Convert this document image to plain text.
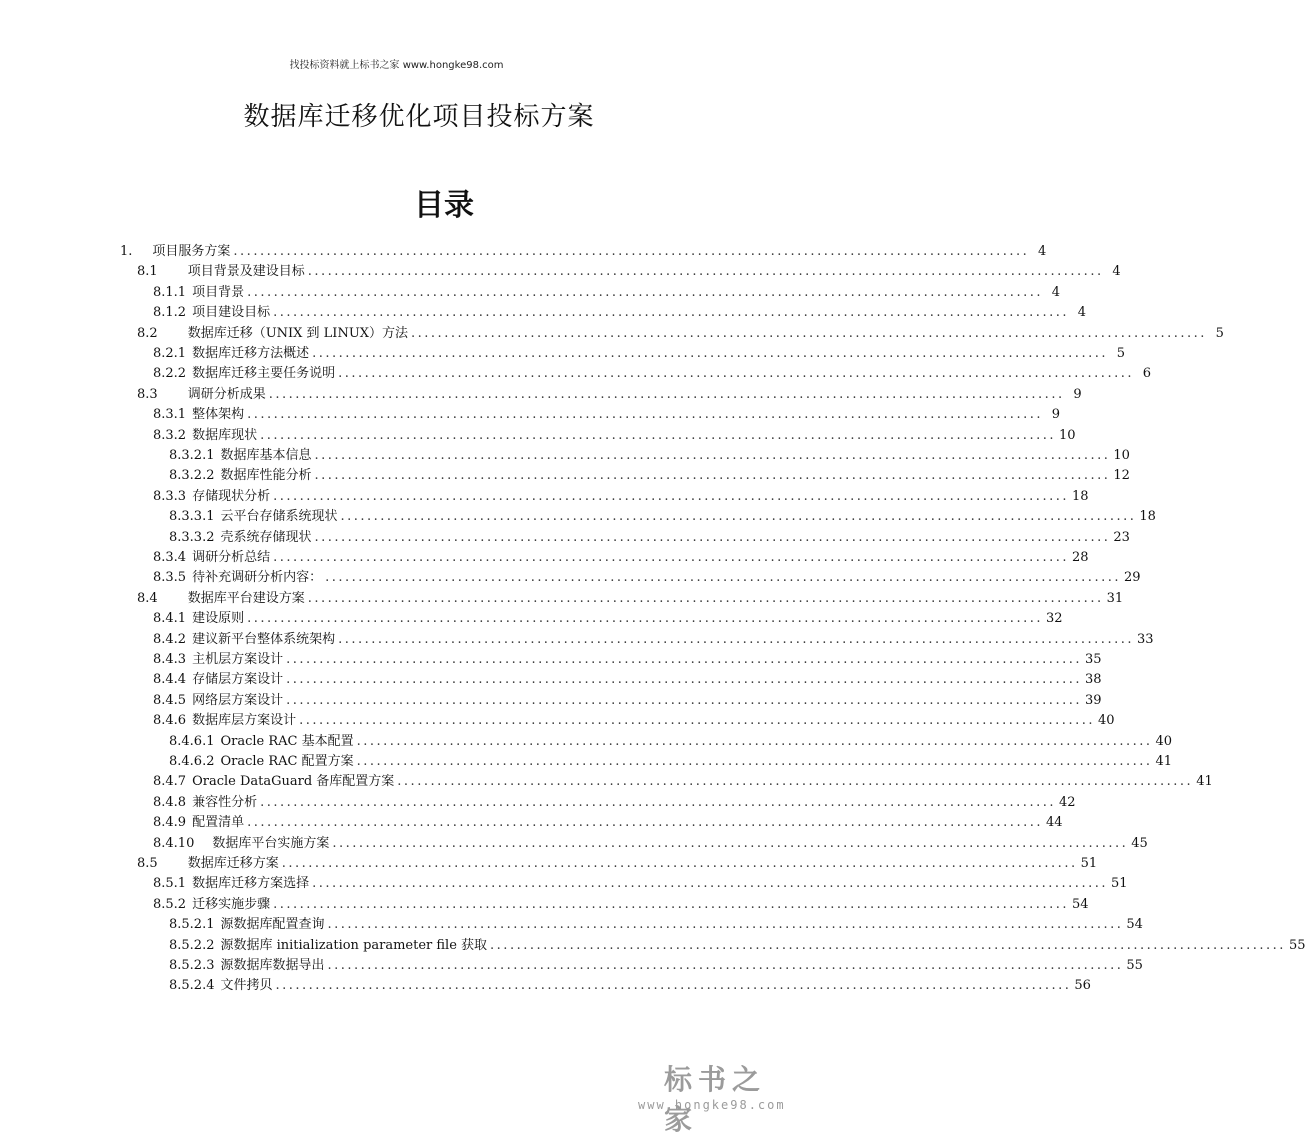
找投标资料就上标书之家 www.hongke98.com
数据库迁移优化项目投标方案
目录
1. 项目服务方案 ........................................................................................................................ 4
8.1 项目背景及建设目标 ........................................................................................................................ 4
8.1.1 项目背景 ........................................................................................................................ 4
8.1.2 项目建设目标 ........................................................................................................................ 4
8.2 数据库迁移（UNIX 到 LINUX）方法 ........................................................................................................................ 5
8.2.1 数据库迁移方法概述 ........................................................................................................................ 5
8.2.2 数据库迁移主要任务说明 ........................................................................................................................ 6
8.3 调研分析成果 ........................................................................................................................ 9
8.3.1 整体架构 ........................................................................................................................ 9
8.3.2 数据库现状 ........................................................................................................................ 10
8.3.2.1 数据库基本信息 ........................................................................................................................ 10
8.3.2.2 数据库性能分析 ........................................................................................................................ 12
8.3.3 存储现状分析 ........................................................................................................................ 18
8.3.3.1 云平台存储系统现状 ........................................................................................................................ 18
8.3.3.2 壳系统存储现状 ........................................................................................................................ 23
8.3.4 调研分析总结 ........................................................................................................................ 28
8.3.5 待补充调研分析内容： ........................................................................................................................ 29
8.4 数据库平台建设方案 ........................................................................................................................ 31
8.4.1 建设原则 ........................................................................................................................ 32
8.4.2 建议新平台整体系统架构 ........................................................................................................................ 33
8.4.3 主机层方案设计 ........................................................................................................................ 35
8.4.4 存储层方案设计 ........................................................................................................................ 38
8.4.5 网络层方案设计 ........................................................................................................................ 39
8.4.6 数据库层方案设计 ........................................................................................................................ 40
8.4.6.1 Oracle RAC 基本配置 ........................................................................................................................ 40
8.4.6.2 Oracle RAC 配置方案 ........................................................................................................................ 41
8.4.7 Oracle DataGuard 备库配置方案 ........................................................................................................................ 41
8.4.8 兼容性分析 ........................................................................................................................ 42
8.4.9 配置清单 ........................................................................................................................ 44
8.4.10 数据库平台实施方案 ........................................................................................................................ 45
8.5 数据库迁移方案 ........................................................................................................................ 51
8.5.1 数据库迁移方案选择 ........................................................................................................................ 51
8.5.2 迁移实施步骤 ........................................................................................................................ 54
8.5.2.1 源数据库配置查询 ........................................................................................................................ 54
8.5.2.2 源数据库 initialization parameter file 获取 ........................................................................................................................ 55
8.5.2.3 源数据库数据导出 ........................................................................................................................ 55
8.5.2.4 文件拷贝 ........................................................................................................................ 56
标书之家
www.hongke98.com
